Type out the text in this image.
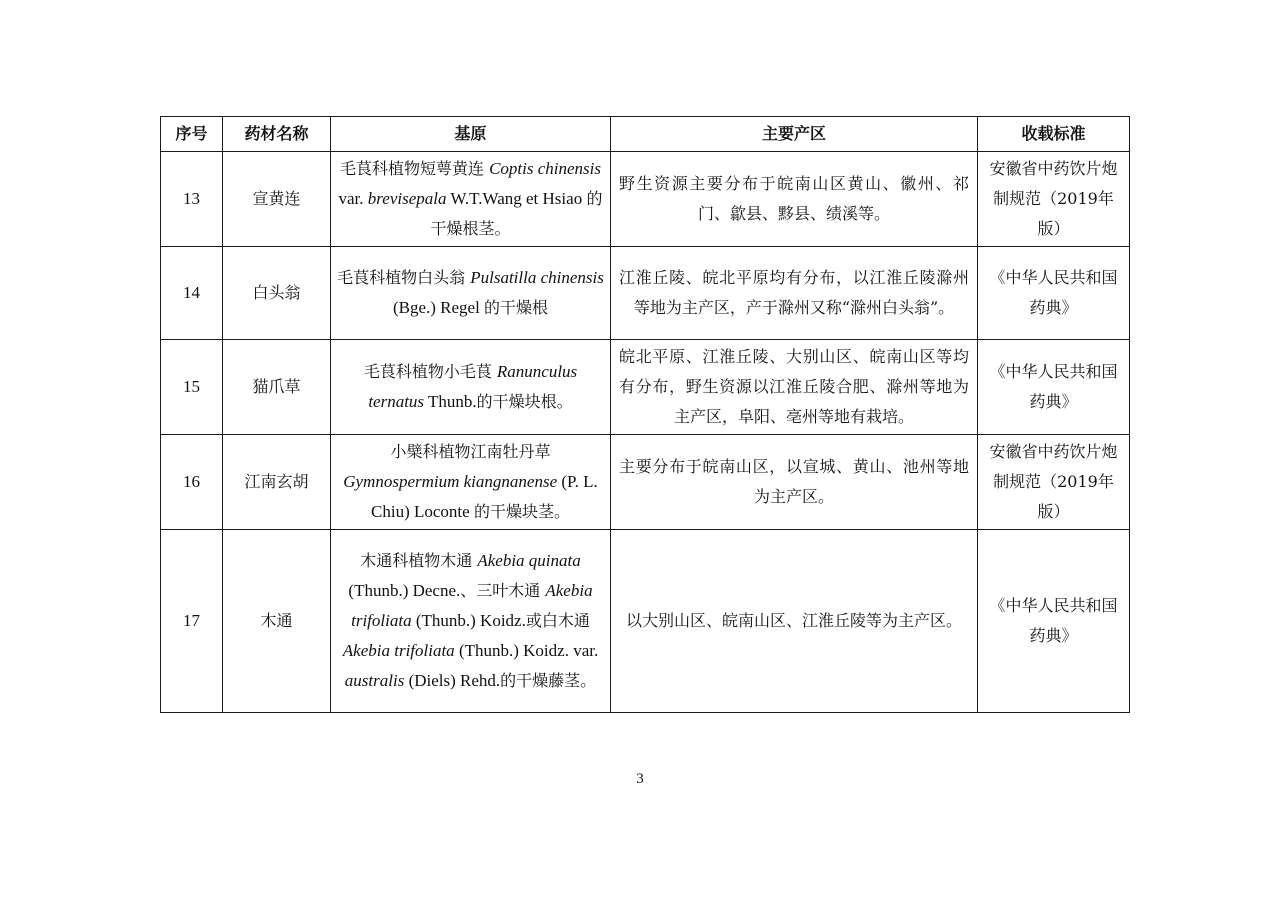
序号	药材名称	基原	主要产区	收载标准
13	宣黄连	毛茛科植物短萼黄连 Coptis chinensis var. brevisepala W.T.Wang et Hsiao 的干燥根茎。	野生资源主要分布于皖南山区黄山、徽州、祁门、歙县、黟县、绩溪等。	安徽省中药饮片炮制规范（2019年版）
14	白头翁	毛茛科植物白头翁 Pulsatilla chinensis (Bge.) Regel 的干燥根	江淮丘陵、皖北平原均有分布，以江淮丘陵滁州等地为主产区，产于滁州又称“滁州白头翁”。	《中华人民共和国药典》
15	猫爪草	毛茛科植物小毛茛 Ranunculus ternatus Thunb.的干燥块根。	皖北平原、江淮丘陵、大别山区、皖南山区等均有分布，野生资源以江淮丘陵合肥、滁州等地为主产区，阜阳、亳州等地有栽培。	《中华人民共和国药典》
16	江南玄胡	小檗科植物江南牡丹草 Gymnospermium kiangnanense (P. L. Chiu) Loconte 的干燥块茎。	主要分布于皖南山区，以宣城、黄山、池州等地为主产区。	安徽省中药饮片炮制规范（2019年版）
17	木通	木通科植物木通 Akebia quinata (Thunb.) Decne.、三叶木通 Akebia trifoliata (Thunb.) Koidz.或白木通 Akebia trifoliata (Thunb.) Koidz. var. australis (Diels) Rehd.的干燥藤茎。	以大别山区、皖南山区、江淮丘陵等为主产区。	《中华人民共和国药典》
3
